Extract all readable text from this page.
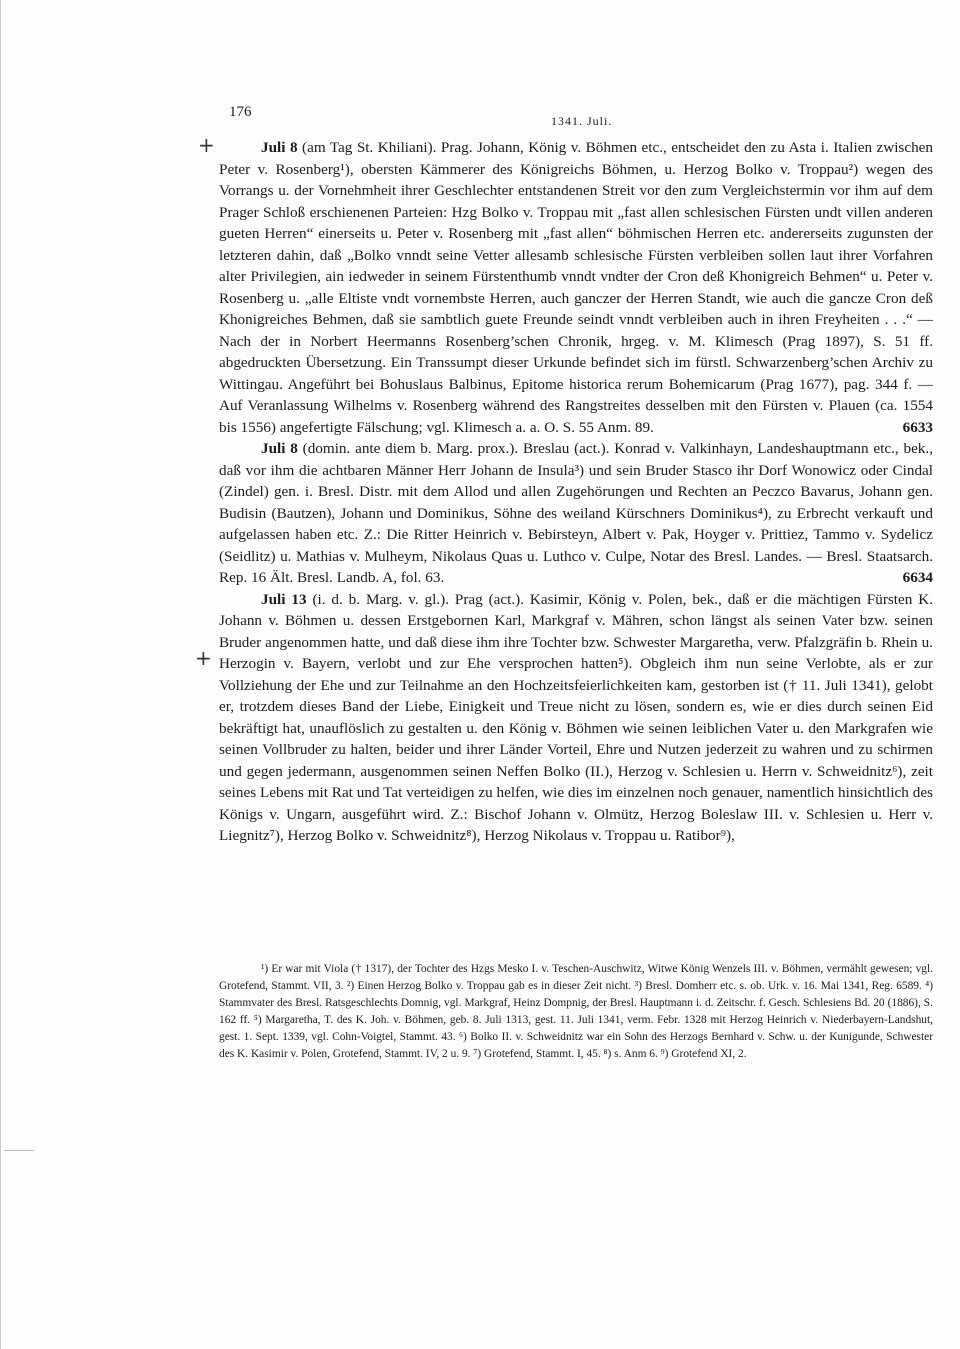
176
1341. Juli.
+
+

Juli 8 (am Tag St. Khiliani). Prag. Johann, König v. Böhmen etc., entscheidet den zu Asta i. Italien zwischen Peter v. Rosenberg¹), obersten Kämmerer des Königreichs Böhmen, u. Herzog Bolko v. Troppau²) wegen des Vorrangs u. der Vornehmheit ihrer Geschlechter entstandenen Streit vor den zum Vergleichstermin vor ihm auf dem Prager Schloß erschienenen Parteien: Hzg Bolko v. Troppau mit „fast allen schlesischen Fürsten undt villen anderen gueten Herren“ einerseits u. Peter v. Rosenberg mit „fast allen“ böhmischen Herren etc. andererseits zugunsten der letzteren dahin, daß „Bolko vnndt seine Vetter allesamb schlesische Fürsten verbleiben sollen laut ihrer Vorfahren alter Privilegien, ain iedweder in seinem Fürstenthumb vnndt vndter der Cron deß Khonigreich Behmen“ u. Peter v. Rosenberg u. „alle Eltiste vndt vornembste Herren, auch ganczer der Herren Standt, wie auch die gancze Cron deß Khonigreiches Behmen, daß sie sambtlich guete Freunde seindt vnndt verbleiben auch in ihren Freyheiten . . .“ — Nach der in Norbert Heermanns Rosenberg’schen Chronik, hrgeg. v. M. Klimesch (Prag 1897), S. 51 ff. abgedruckten Übersetzung. Ein Transsumpt dieser Urkunde befindet sich im fürstl. Schwarzenberg’schen Archiv zu Wittingau. Angeführt bei Bohuslaus Balbinus, Epitome historica rerum Bohemicarum (Prag 1677), pag. 344 f. — Auf Veranlassung Wilhelms v. Rosenberg während des Rangstreites desselben mit den Fürsten v. Plauen (ca. 1554 bis 1556) angefertigte Fälschung; vgl. Klimesch a. a. O. S. 55 Anm. 89.	6633

Juli 8 (domin. ante diem b. Marg. prox.). Breslau (act.). Konrad v. Valkinhayn, Landeshauptmann etc., bek., daß vor ihm die achtbaren Männer Herr Johann de Insula³) und sein Bruder Stasco ihr Dorf Wonowicz oder Cindal (Zindel) gen. i. Bresl. Distr. mit dem Allod und allen Zugehörungen und Rechten an Peczco Bavarus, Johann gen. Budisin (Bautzen), Johann und Dominikus, Söhne des weiland Kürschners Dominikus⁴), zu Erbrecht verkauft und aufgelassen haben etc. Z.: Die Ritter Heinrich v. Bebirsteyn, Albert v. Pak, Hoyger v. Prittiez, Tammo v. Sydelicz (Seidlitz) u. Mathias v. Mulheym, Nikolaus Quas u. Luthco v. Culpe, Notar des Bresl. Landes. — Bresl. Staatsarch. Rep. 16 Ält. Bresl. Landb. A, fol. 63.	6634

Juli 13 (i. d. b. Marg. v. gl.). Prag (act.). Kasimir, König v. Polen, bek., daß er die mächtigen Fürsten K. Johann v. Böhmen u. dessen Erstgebornen Karl, Markgraf v. Mähren, schon längst als seinen Vater bzw. seinen Bruder angenommen hatte, und daß diese ihm ihre Tochter bzw. Schwester Margaretha, verw. Pfalzgräfin b. Rhein u. Herzogin v. Bayern, verlobt und zur Ehe versprochen hatten⁵). Obgleich ihm nun seine Verlobte, als er zur Vollziehung der Ehe und zur Teilnahme an den Hochzeitsfeierlichkeiten kam, gestorben ist († 11. Juli 1341), gelobt er, trotzdem dieses Band der Liebe, Einigkeit und Treue nicht zu lösen, sondern es, wie er dies durch seinen Eid bekräftigt hat, unauflöslich zu gestalten u. den König v. Böhmen wie seinen leiblichen Vater u. den Markgrafen wie seinen Vollbruder zu halten, beider und ihrer Länder Vorteil, Ehre und Nutzen jederzeit zu wahren und zu schirmen und gegen jedermann, ausgenommen seinen Neffen Bolko (II.), Herzog v. Schlesien u. Herrn v. Schweidnitz⁶), zeit seines Lebens mit Rat und Tat verteidigen zu helfen, wie dies im einzelnen noch genauer, namentlich hinsichtlich des Königs v. Ungarn, ausgeführt wird. Z.: Bischof Johann v. Olmütz, Herzog Boleslaw III. v. Schlesien u. Herr v. Liegnitz⁷), Herzog Bolko v. Schweidnitz⁸), Herzog Nikolaus v. Troppau u. Ratibor⁹),

¹) Er war mit Viola († 1317), der Tochter des Hzgs Mesko I. v. Teschen-Auschwitz, Witwe König Wenzels III. v. Böhmen, vermählt gewesen; vgl. Grotefend, Stammt. VII, 3. ²) Einen Herzog Bolko v. Troppau gab es in dieser Zeit nicht. ³) Bresl. Domherr etc. s. ob. Urk. v. 16. Mai 1341, Reg. 6589. ⁴) Stammvater des Bresl. Ratsgeschlechts Domnig, vgl. Markgraf, Heinz Dompnig, der Bresl. Hauptmann i. d. Zeitschr. f. Gesch. Schlesiens Bd. 20 (1886), S. 162 ff. ⁵) Margaretha, T. des K. Joh. v. Böhmen, geb. 8. Juli 1313, gest. 11. Juli 1341, verm. Febr. 1328 mit Herzog Heinrich v. Niederbayern-Landshut, gest. 1. Sept. 1339, vgl. Cohn-Voigtel, Stammt. 43. ⁶) Bolko II. v. Schweidnitz war ein Sohn des Herzogs Bernhard v. Schw. u. der Kunigunde, Schwester des K. Kasimir v. Polen, Grotefend, Stammt. IV, 2 u. 9. ⁷) Grotefend, Stammt. I, 45. ⁸) s. Anm 6. ⁹) Grotefend XI, 2.
